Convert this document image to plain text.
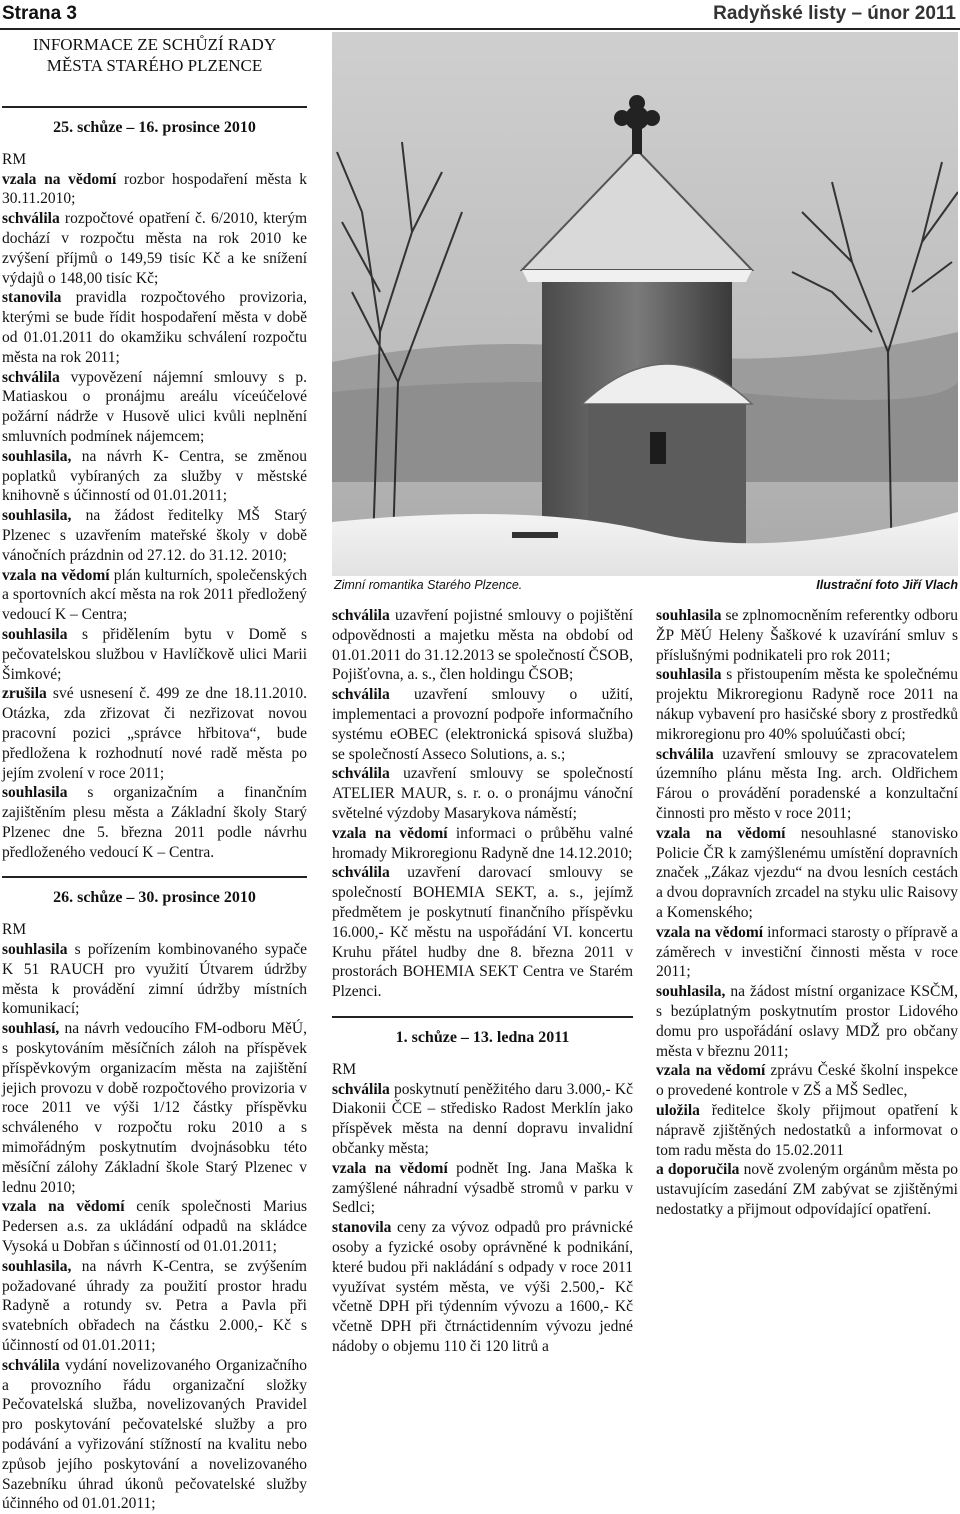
Strana 3	Radyňské listy – únor 2011
INFORMACE ZE SCHŮZÍ RADY
MĚSTA STARÉHO PLZENCE

25. schůze – 16. prosince 2010

RM

vzala na vědomí rozbor hospodaření města k 30.11.2010;

schválila rozpočtové opatření č. 6/2010, kterým dochází v rozpočtu města na rok 2010 ke zvýšení příjmů o 149,59 tisíc Kč a ke snížení výdajů o 148,00 tisíc Kč;

stanovila pravidla rozpočtového provizoria, kterými se bude řídit hospodaření města v době od 01.01.2011 do okamžiku schválení rozpočtu města na rok 2011;

schválila vypovězení nájemní smlouvy s p. Matiaskou o pronájmu areálu víceúčelové požární nádrže v Husově ulici kvůli neplnění smluvních podmínek nájemcem;

souhlasila, na návrh K- Centra, se změnou poplatků vybíraných za služby v městské knihovně s účinností od 01.01.2011;

souhlasila, na žádost ředitelky MŠ Starý Plzenec s uzavřením mateřské školy v době vánočních prázdnin od 27.12. do 31.12. 2010;

vzala na vědomí plán kulturních, společenských a sportovních akcí města na rok 2011 předložený vedoucí K – Centra;

souhlasila s přidělením bytu v Domě s pečovatelskou službou v Havlíčkově ulici Marii Šimkové;

zrušila své usnesení č. 499 ze dne 18.11.2010. Otázka, zda zřizovat či nezřizovat novou pracovní pozici „správce hřbitova“, bude předložena k rozhodnutí nové radě města po jejím zvolení v roce 2011;

souhlasila s organizačním a finančním zajištěním plesu města a Základní školy Starý Plzenec dne 5. března 2011 podle návrhu předloženého vedoucí K – Centra.

26. schůze – 30. prosince 2010

RM

souhlasila s pořízením kombinovaného sypače K 51 RAUCH pro využití Útvarem údržby města k provádění zimní údržby místních komunikací;

souhlasí, na návrh vedoucího FM-odboru MěÚ, s poskytováním měsíčních záloh na příspěvek příspěvkovým organizacím města na zajištění jejich provozu v době rozpočtového provizoria v roce 2011 ve výši 1/12 částky příspěvku schváleného v rozpočtu roku 2010 a s mimořádným poskytnutím dvojnásobku této měsíční zálohy Základní škole Starý Plzenec v lednu 2010;

vzala na vědomí ceník společnosti Marius Pedersen a.s. za ukládání odpadů na skládce Vysoká u Dobřan s účinností od 01.01.2011;

souhlasila, na návrh K-Centra, se zvýšením požadované úhrady za použití prostor hradu Radyně a rotundy sv. Petra a Pavla při svatebních obřadech na částku 2.000,- Kč s účinností od 01.01.2011;

schválila vydání novelizovaného Organizačního a provozního řádu organizační složky Pečovatelská služba, novelizovaných Pravidel pro poskytování pečovatelské služby a pro podávání a vyřizování stížností na kvalitu nebo způsob jejího poskytování a novelizovaného Sazebníku úhrad úkonů pečovatelské služby účinného od 01.01.2011;

Zimní romantika Starého Plzence.	Ilustrační foto Jiří Vlach

schválila uzavření pojistné smlouvy o pojištění odpovědnosti a majetku města na období od 01.01.2011 do 31.12.2013 se společností ČSOB, Pojišťovna, a. s., člen holdingu ČSOB;

schválila uzavření smlouvy o užití, implementaci a provozní podpoře informačního systému eOBEC (elektronická spisová služba) se společností Asseco Solutions, a. s.;

schválila uzavření smlouvy se společností ATELIER MAUR, s. r. o. o pronájmu vánoční světelné výzdoby Masarykova náměstí;

vzala na vědomí informaci o průběhu valné hromady Mikroregionu Radyně dne 14.12.2010;

schválila uzavření darovací smlouvy se společností BOHEMIA SEKT, a. s., jejímž předmětem je poskytnutí finančního příspěvku 16.000,- Kč městu na uspořádání VI. koncertu Kruhu přátel hudby dne 8. března 2011 v prostorách BOHEMIA SEKT Centra ve Starém Plzenci.

1. schůze – 13. ledna 2011

RM

schválila poskytnutí peněžitého daru 3.000,- Kč Diakonii ČCE – středisko Radost Merklín jako příspěvek města na denní dopravu invalidní občanky města;

vzala na vědomí podnět Ing. Jana Maška k zamýšlené náhradní výsadbě stromů v parku v Sedlci;

stanovila ceny za vývoz odpadů pro právnické osoby a fyzické osoby oprávněné k podnikání, které budou při nakládání s odpady v roce 2011 využívat systém města, ve výši 2.500,- Kč včetně DPH při týdenním vývozu a 1600,- Kč včetně DPH při čtrnáctidenním vývozu jedné nádoby o objemu 110 či 120 litrů a

souhlasila se zplnomocněním referentky odboru ŽP MěÚ Heleny Šaškové k uzavírání smluv s příslušnými podnikateli pro rok 2011;

souhlasila s přistoupením města ke společnému projektu Mikroregionu Radyně roce 2011 na nákup vybavení pro hasičské sbory z prostředků mikroregionu pro 40% spoluúčasti obcí;

schválila uzavření smlouvy se zpracovatelem územního plánu města Ing. arch. Oldřichem Fárou o provádění poradenské a konzultační činnosti pro město v roce 2011;

vzala na vědomí nesouhlasné stanovisko Policie ČR k zamýšlenému umístění dopravních značek „Zákaz vjezdu“ na dvou lesních cestách a dvou dopravních zrcadel na styku ulic Raisovy a Komenského;

vzala na vědomí informaci starosty o přípravě a záměrech v investiční činnosti města v roce 2011;

souhlasila, na žádost místní organizace KSČM, s bezúplatným poskytnutím prostor Lidového domu pro uspořádání oslavy MDŽ pro občany města v březnu 2011;

vzala na vědomí zprávu České školní inspekce o provedené kontrole v ZŠ a MŠ Sedlec,

uložila ředitelce školy přijmout opatření k nápravě zjištěných nedostatků a informovat o tom radu města do 15.02.2011

a doporučila nově zvoleným orgánům města po ustavujícím zasedání ZM zabývat se zjištěnými nedostatky a přijmout odpovídající opatření.
